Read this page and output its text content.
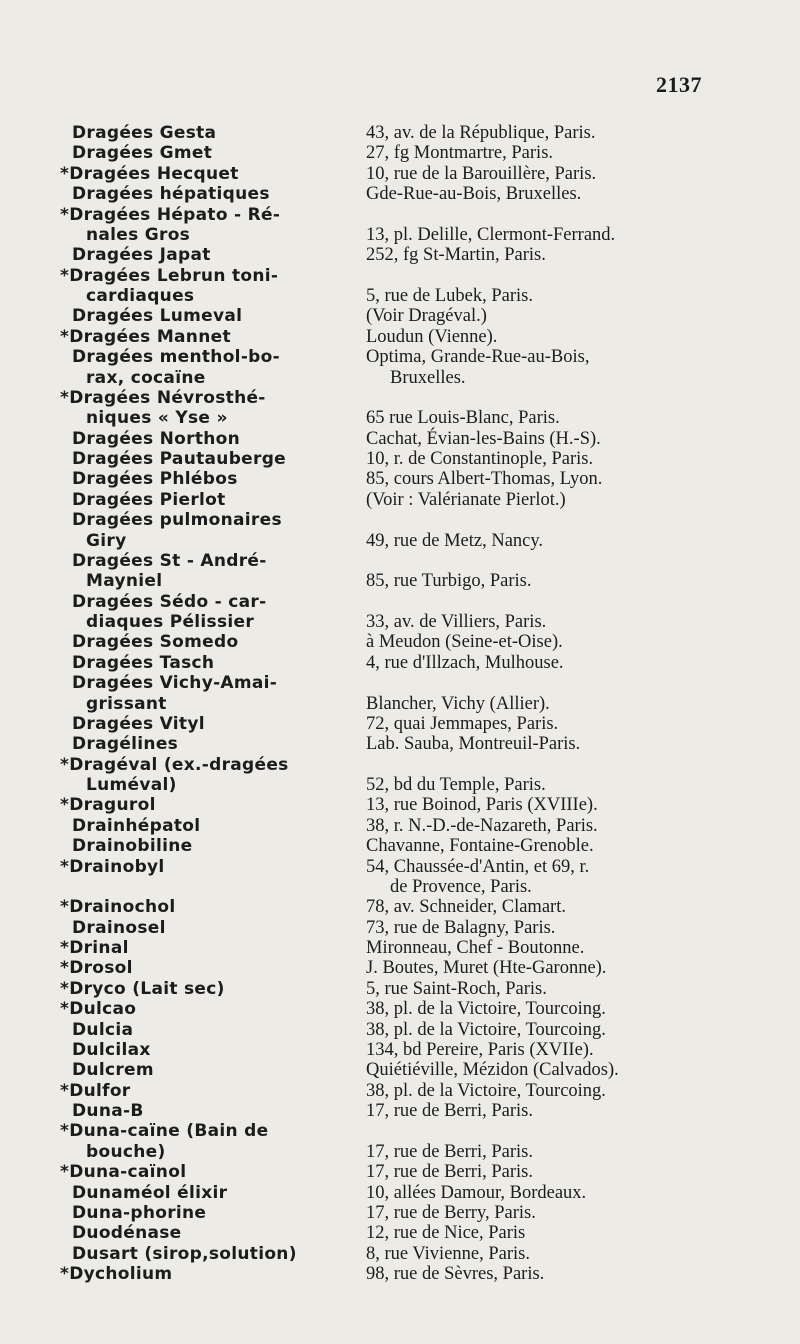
2137
Dragées Gesta	43, av. de la République, Paris.
Dragées Gmet	27, fg Montmartre, Paris.
*Dragées Hecquet	10, rue de la Barouillère, Paris.
Dragées hépatiques	Gde-Rue-au-Bois, Bruxelles.
*Dragées Hépato - Ré-
nales Gros	13, pl. Delille, Clermont-Ferrand.
Dragées Japat	252, fg St-Martin, Paris.
*Dragées Lebrun toni-
cardiaques	5, rue de Lubek, Paris.
Dragées Lumeval	(Voir Dragéval.)
*Dragées Mannet	Loudun (Vienne).
Dragées menthol-bo-	Optima, Grande-Rue-au-Bois,
rax, cocaïne	Bruxelles.
*Dragées Névrosthé-
niques « Yse »	65 rue Louis-Blanc, Paris.
Dragées Northon	Cachat, Évian-les-Bains (H.-S).
Dragées Pautauberge	10, r. de Constantinople, Paris.
Dragées Phlébos	85, cours Albert-Thomas, Lyon.
Dragées Pierlot	(Voir : Valérianate Pierlot.)
Dragées pulmonaires
Giry	49, rue de Metz, Nancy.
Dragées St - André-
Mayniel	85, rue Turbigo, Paris.
Dragées Sédo - car-
diaques Pélissier	33, av. de Villiers, Paris.
Dragées Somedo	à Meudon (Seine-et-Oise).
Dragées Tasch	4, rue d'Illzach, Mulhouse.
Dragées Vichy-Amai-
grissant	Blancher, Vichy (Allier).
Dragées Vityl	72, quai Jemmapes, Paris.
Dragélines	Lab. Sauba, Montreuil-Paris.
*Dragéval (ex.-dragées
Luméval)	52, bd du Temple, Paris.
*Dragurol	13, rue Boinod, Paris (XVIIIe).
Drainhépatol	38, r. N.-D.-de-Nazareth, Paris.
Drainobiline	Chavanne, Fontaine-Grenoble.
*Drainobyl	54, Chaussée-d'Antin, et 69, r.
de Provence, Paris.
*Drainochol	78, av. Schneider, Clamart.
Drainosel	73, rue de Balagny, Paris.
*Drinal	Mironneau, Chef - Boutonne.
*Drosol	J. Boutes, Muret (Hte-Garonne).
*Dryco (Lait sec)	5, rue Saint-Roch, Paris.
*Dulcao	38, pl. de la Victoire, Tourcoing.
Dulcia	38, pl. de la Victoire, Tourcoing.
Dulcilax	134, bd Pereire, Paris (XVIIe).
Dulcrem	Quiétiéville, Mézidon (Calvados).
*Dulfor	38, pl. de la Victoire, Tourcoing.
Duna-B	17, rue de Berri, Paris.
*Duna-caïne (Bain de
bouche)	17, rue de Berri, Paris.
*Duna-caïnol	17, rue de Berri, Paris.
Dunaméol élixir	10, allées Damour, Bordeaux.
Duna-phorine	17, rue de Berry, Paris.
Duodénase	12, rue de Nice, Paris
Dusart (sirop,solution)	8, rue Vivienne, Paris.
*Dycholium	98, rue de Sèvres, Paris.
